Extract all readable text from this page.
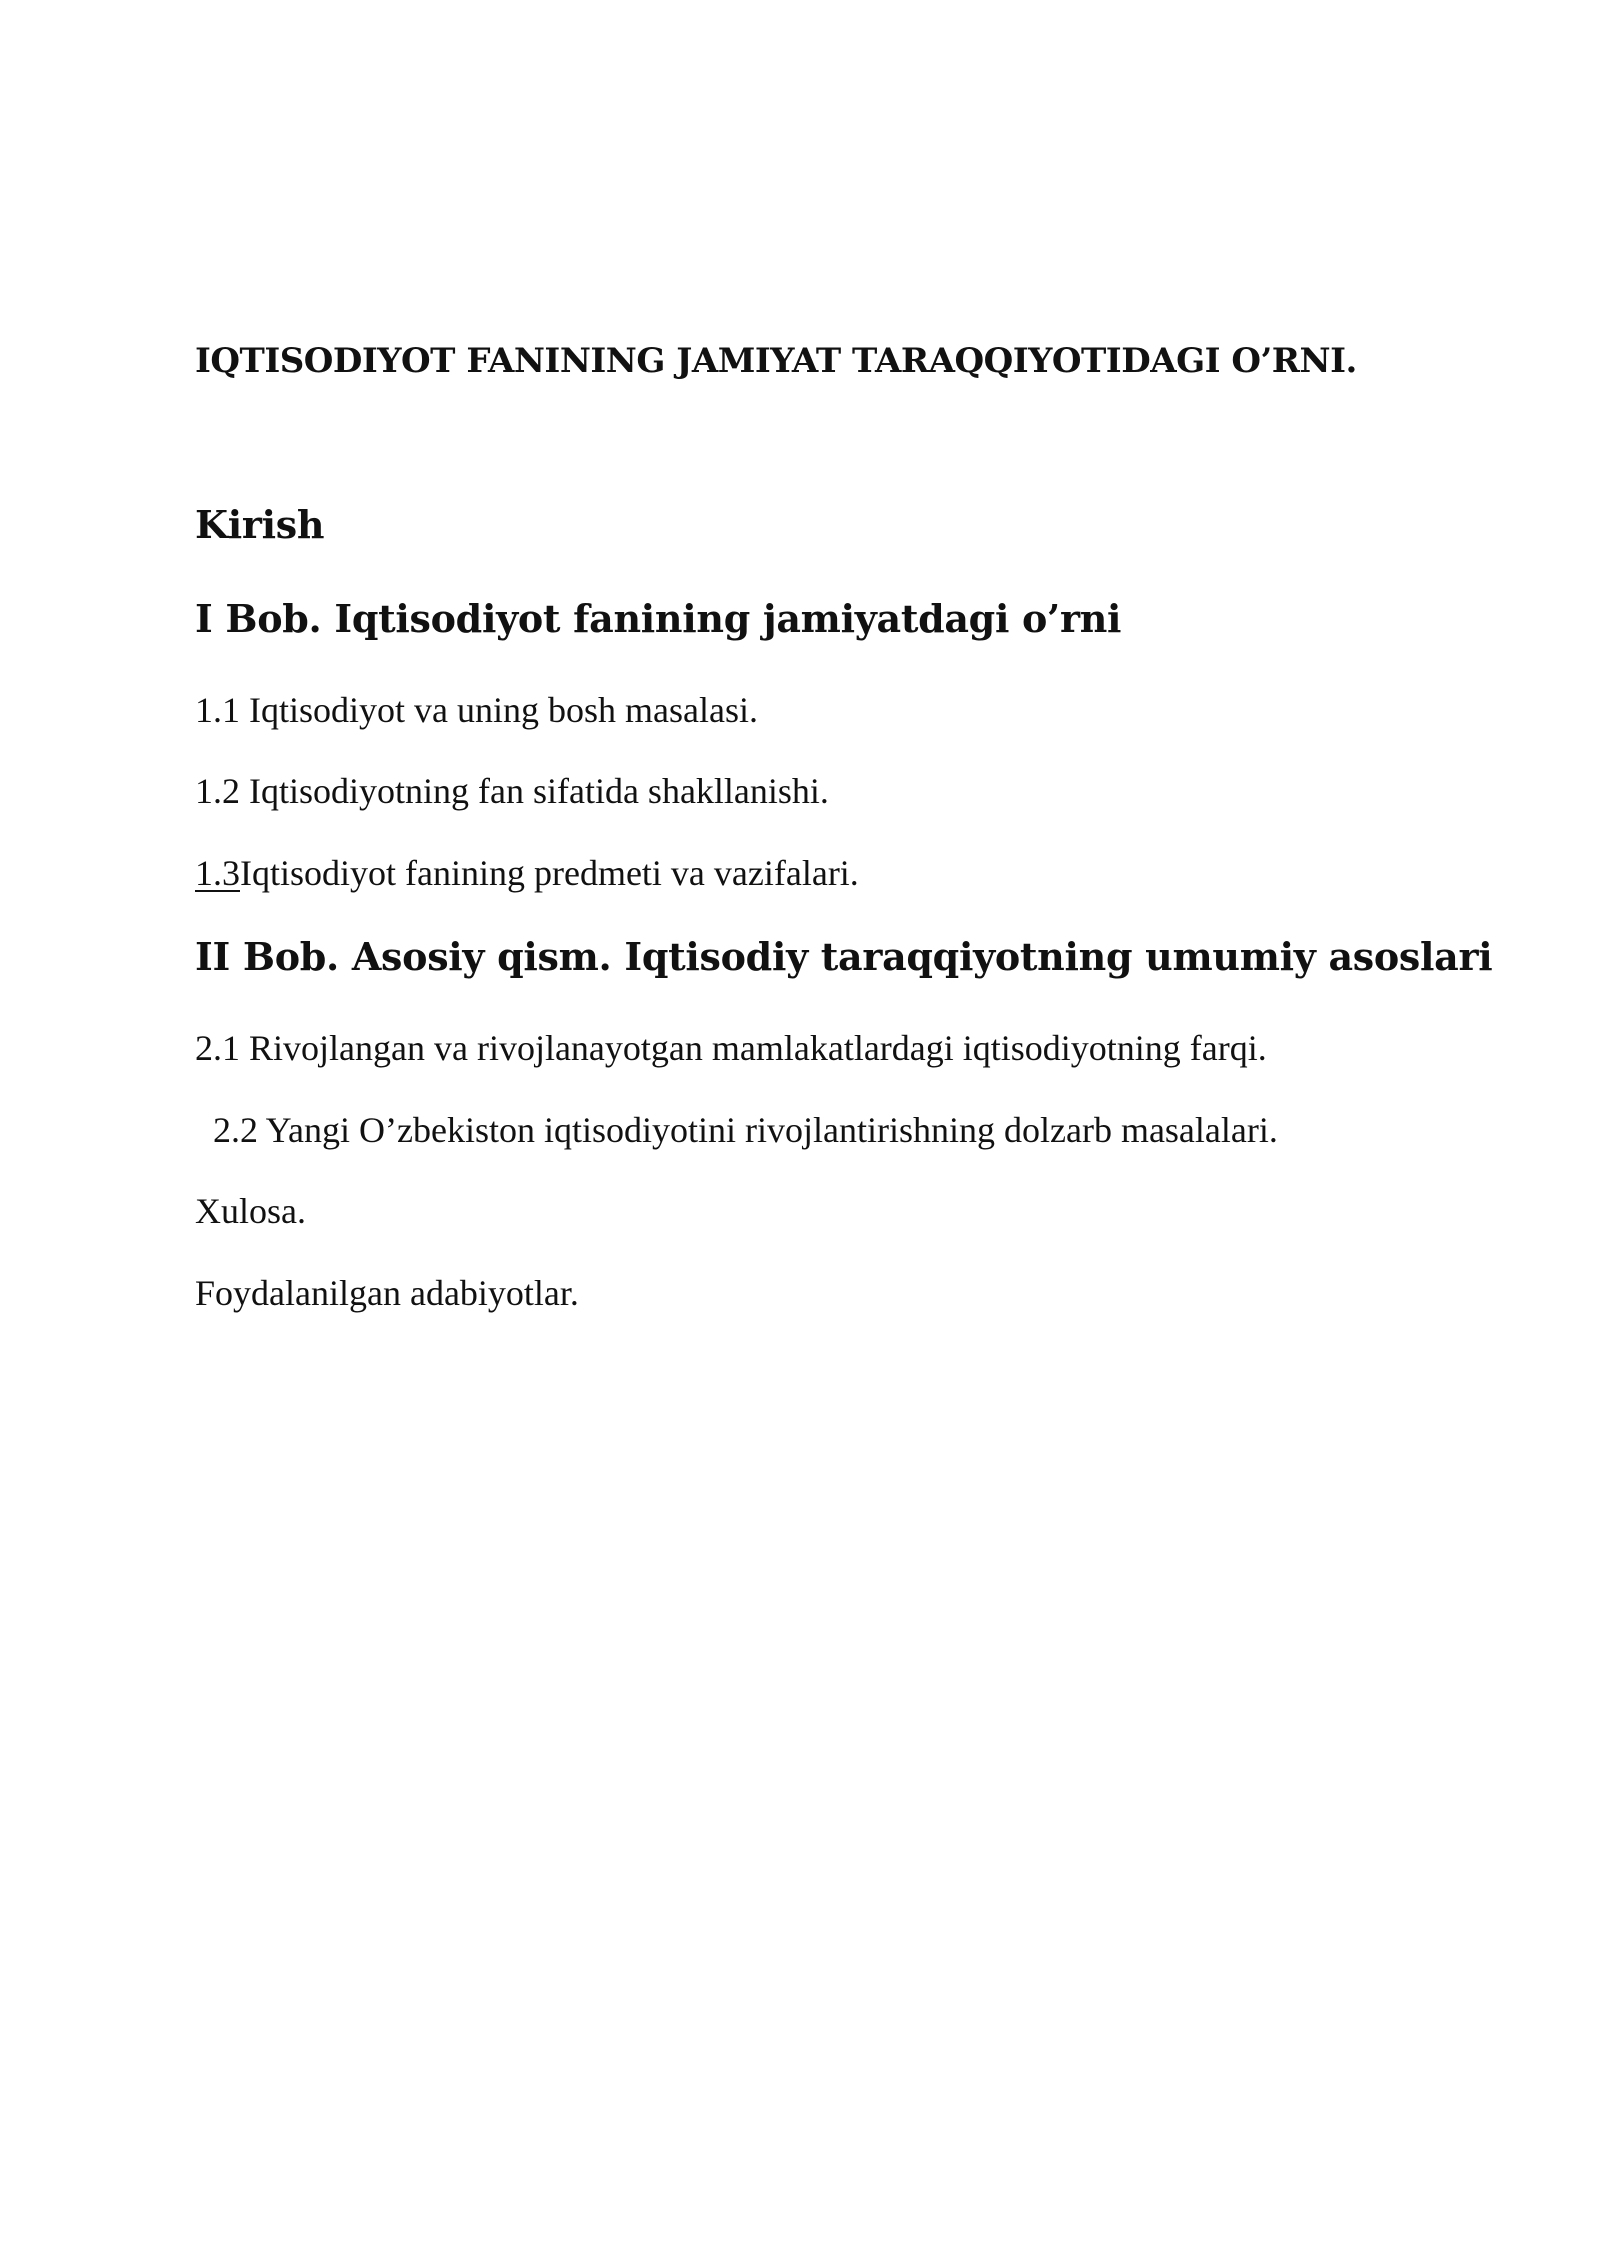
IQTISODIYOT FANINING JAMIYAT TARAQQIYOTIDAGI O’RNI.
Kirish
I Bob. Iqtisodiyot fanining jamiyatdagi o’rni
1.1 Iqtisodiyot va uning bosh masalasi.
1.2 Iqtisodiyotning fan sifatida shakllanishi.
1.3Iqtisodiyot fanining predmeti va vazifalari.
II Bob. Asosiy qism. Iqtisodiy taraqqiyotning umumiy asoslari
2.1 Rivojlangan va rivojlanayotgan mamlakatlardagi iqtisodiyotning farqi.
2.2 Yangi O’zbekiston iqtisodiyotini rivojlantirishning dolzarb masalalari.
Xulosa.
Foydalanilgan adabiyotlar.
